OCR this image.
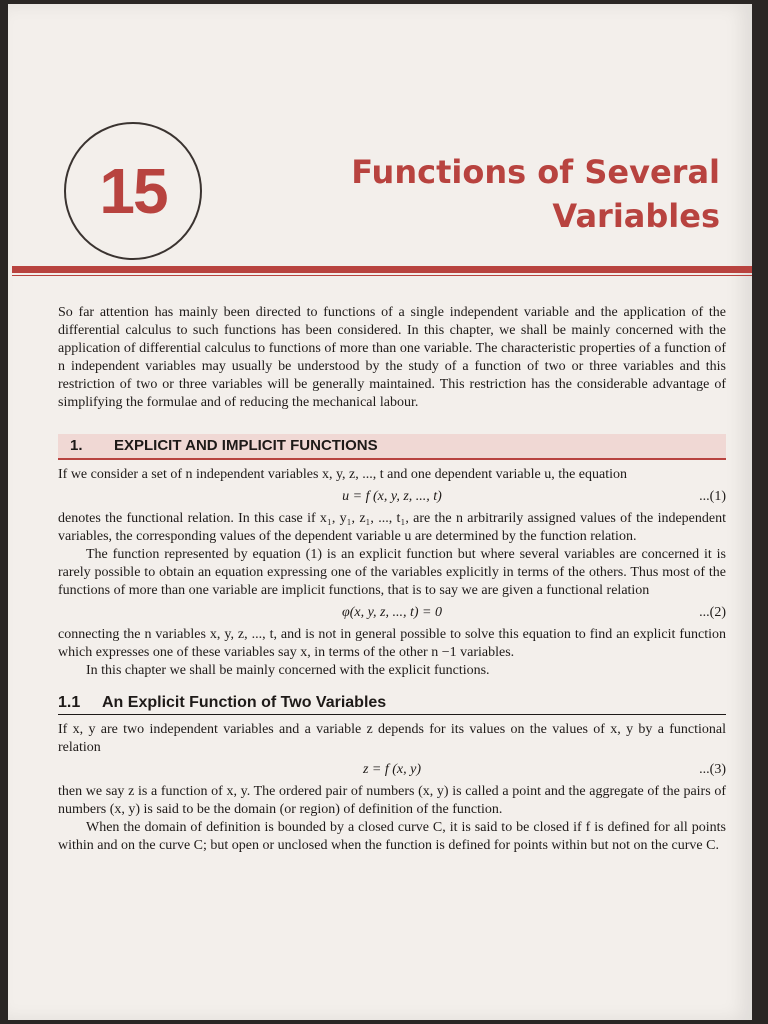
15	Functions of Several
Variables

So far attention has mainly been directed to functions of a single independent variable and the application of the differential calculus to such functions has been considered. In this chapter, we shall be mainly concerned with the application of differential calculus to functions of more than one variable. The characteristic properties of a function of n independent variables may usually be understood by the study of a function of two or three variables and this restriction of two or three variables will be generally maintained. This restriction has the considerable advantage of simplifying the formulae and of reducing the mechanical labour.

1. EXPLICIT AND IMPLICIT FUNCTIONS

If we consider a set of n independent variables x, y, z, ..., t and one dependent variable u, the equation

u = f (x, y, z, ..., t)	...(1)

denotes the functional relation. In this case if x₁, y₁, z₁, ..., t₁, are the n arbitrarily assigned values of the independent variables, the corresponding values of the dependent variable u are determined by the function relation.

The function represented by equation (1) is an explicit function but where several variables are concerned it is rarely possible to obtain an equation expressing one of the variables explicitly in terms of the others. Thus most of the functions of more than one variable are implicit functions, that is to say we are given a functional relation

φ(x, y, z, ..., t) = 0	...(2)

connecting the n variables x, y, z, ..., t, and is not in general possible to solve this equation to find an explicit function which expresses one of these variables say x, in terms of the other n −1 variables.

In this chapter we shall be mainly concerned with the explicit functions.

1.1 An Explicit Function of Two Variables

If x, y are two independent variables and a variable z depends for its values on the values of x, y by a functional relation

z = f (x, y)	...(3)

then we say z is a function of x, y. The ordered pair of numbers (x, y) is called a point and the aggregate of the pairs of numbers (x, y) is said to be the domain (or region) of definition of the function.

When the domain of definition is bounded by a closed curve C, it is said to be closed if f is defined for all points within and on the curve C; but open or unclosed when the function is defined for points within but not on the curve C.
